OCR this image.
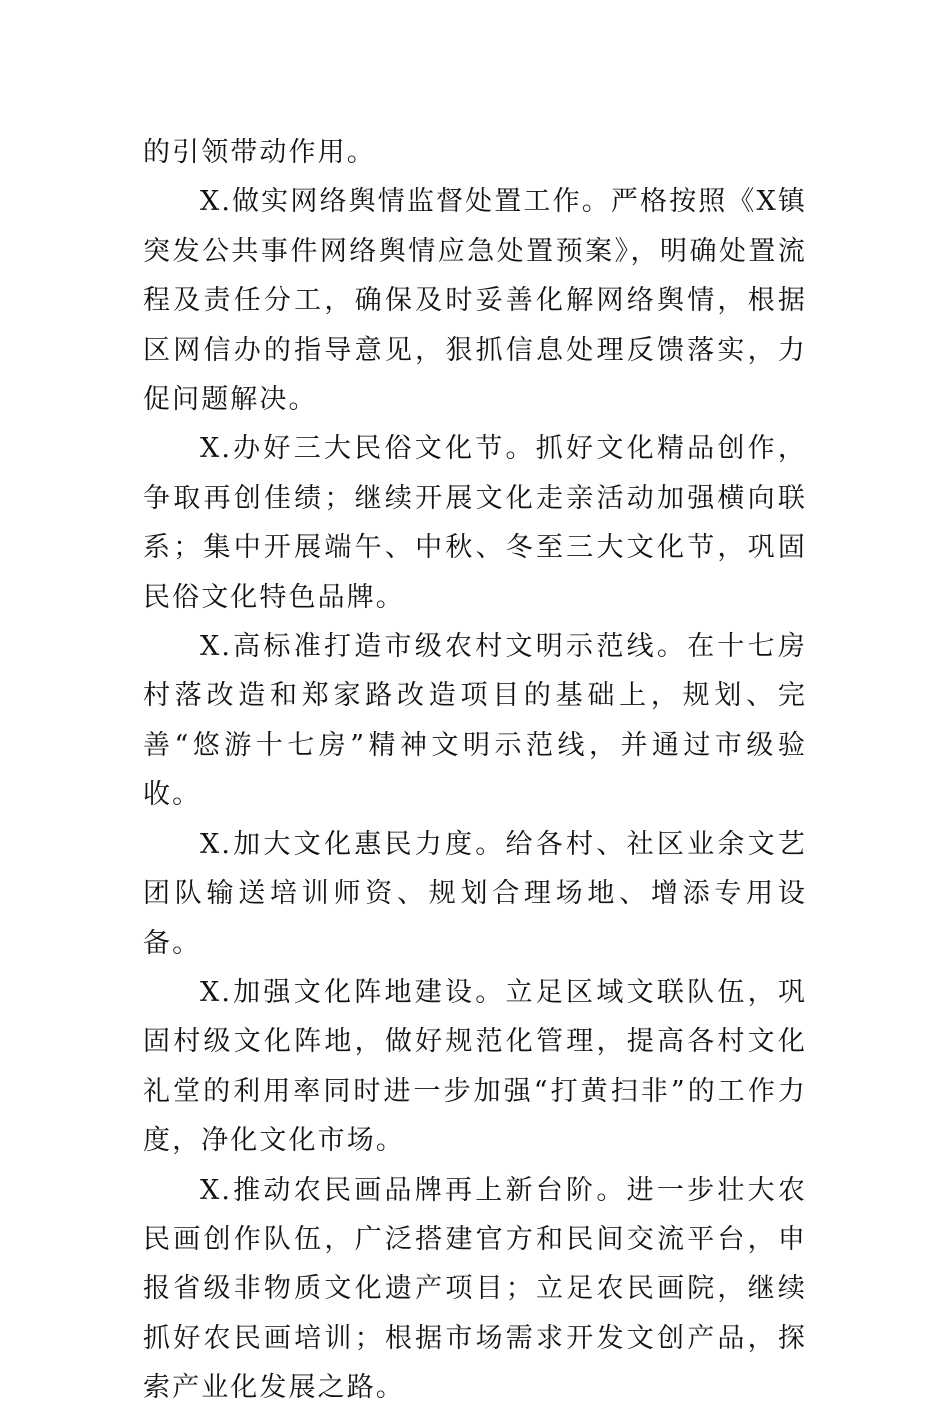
的引领带动作用。

X.做实网络舆情监督处置工作。严格按照《X镇突发公共事件网络舆情应急处置预案》，明确处置流程及责任分工，确保及时妥善化解网络舆情，根据区网信办的指导意见，狠抓信息处理反馈落实，力促问题解决。

X.办好三大民俗文化节。抓好文化精品创作，争取再创佳绩；继续开展文化走亲活动加强横向联系；集中开展端午、中秋、冬至三大文化节，巩固民俗文化特色品牌。

X.高标准打造市级农村文明示范线。在十七房村落改造和郑家路改造项目的基础上，规划、完善“悠游十七房”精神文明示范线，并通过市级验收。

X.加大文化惠民力度。给各村、社区业余文艺团队输送培训师资、规划合理场地、增添专用设备。

X.加强文化阵地建设。立足区域文联队伍，巩固村级文化阵地，做好规范化管理，提高各村文化礼堂的利用率同时进一步加强“打黄扫非”的工作力度，净化文化市场。

X.推动农民画品牌再上新台阶。进一步壮大农民画创作队伍，广泛搭建官方和民间交流平台，申报省级非物质文化遗产项目；立足农民画院，继续抓好农民画培训；根据市场需求开发文创产品，探索产业化发展之路。
